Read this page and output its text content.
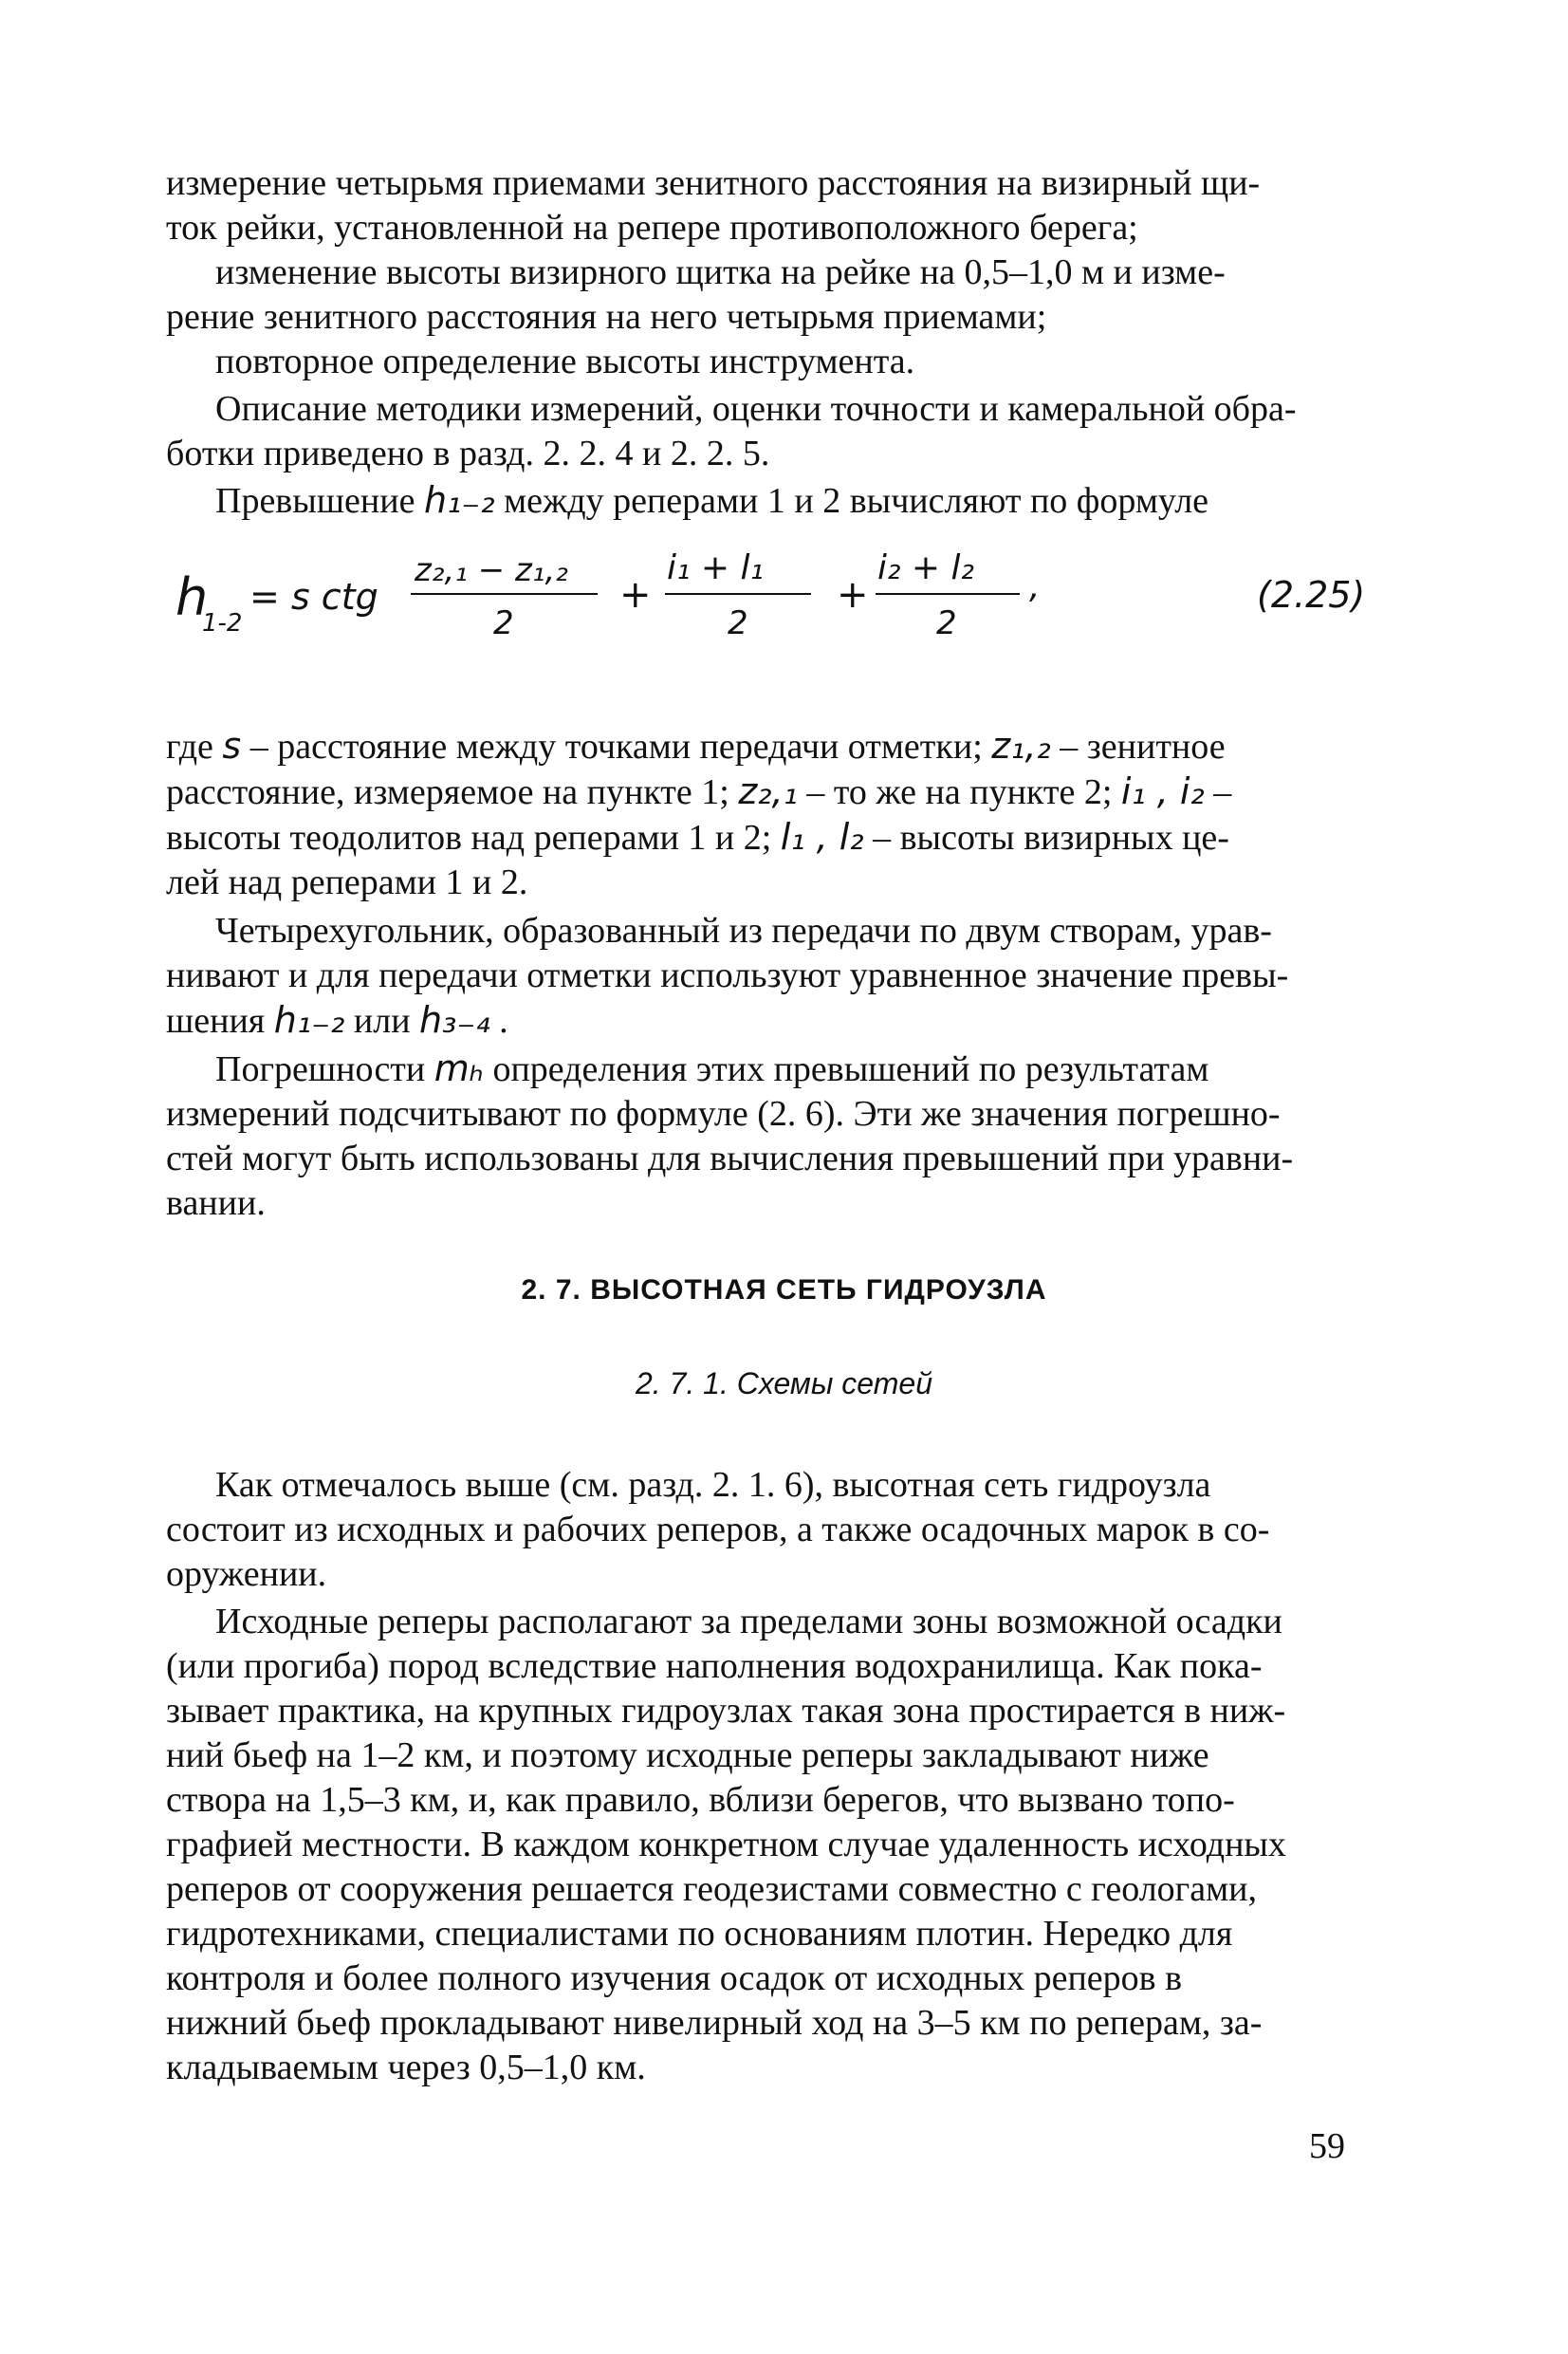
измерение четырьмя приемами зенитного расстояния на визирный щи-
ток рейки, установленной на репере противоположного берега;
изменение высоты визирного щитка на рейке на 0,5–1,0 м и изме-
рение зенитного расстояния на него четырьмя приемами;
повторное определение высоты инструмента.
Описание методики измерений, оценки точности и камеральной обра-
ботки приведено в разд. 2. 2. 4 и 2. 2. 5.
Превышение h₁₋₂ между реперами 1 и 2 вычисляют по формуле
h
1-2
= s ctg
z₂,₁ − z₁,₂
2
+
i₁ + l₁
2
+
i₂ + l₂
2
,	(2.25)
где s – расстояние между точками передачи отметки; z₁,₂ – зенитное
расстояние, измеряемое на пункте 1; z₂,₁ – то же на пункте 2; i₁ , i₂ –
высоты теодолитов над реперами 1 и 2; l₁ , l₂ – высоты визирных це-
лей над реперами 1 и 2.
Четырехугольник, образованный из передачи по двум створам, урав-
нивают и для передачи отметки используют уравненное значение превы-
шения h₁₋₂ или h₃₋₄ .
Погрешности mₕ определения этих превышений по результатам
измерений подсчитывают по формуле (2. 6). Эти же значения погрешно-
стей могут быть использованы для вычисления превышений при уравни-
вании.
2. 7. ВЫСОТНАЯ СЕТЬ ГИДРОУЗЛА
2. 7. 1. Схемы сетей
Как отмечалось выше (см. разд. 2. 1. 6), высотная сеть гидроузла
состоит из исходных и рабочих реперов, а также осадочных марок в со-
оружении.
Исходные реперы располагают за пределами зоны возможной осадки
(или прогиба) пород вследствие наполнения водохранилища. Как пока-
зывает практика, на крупных гидроузлах такая зона простирается в ниж-
ний бьеф на 1–2 км, и поэтому исходные реперы закладывают ниже
створа на 1,5–3 км, и, как правило, вблизи берегов, что вызвано топо-
графией местности. В каждом конкретном случае удаленность исходных
реперов от сооружения решается геодезистами совместно с геологами,
гидротехниками, специалистами по основаниям плотин. Нередко для
контроля и более полного изучения осадок от исходных реперов в
нижний бьеф прокладывают нивелирный ход на 3–5 км по реперам, за-
кладываемым через 0,5–1,0 км.
59
